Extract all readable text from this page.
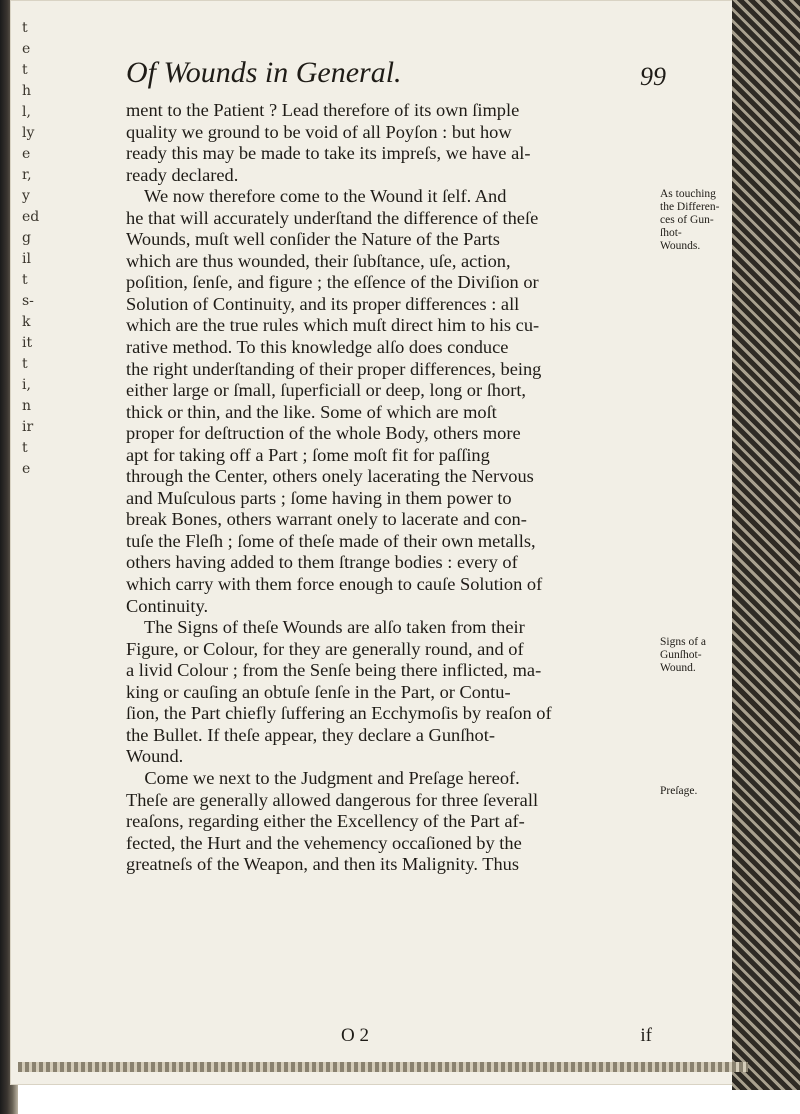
t
e
t
h
l,
ly
e
r,
y
ed
g
il
t
s-
k
it
t
i,
n
ir
t
e
Of Wounds in General.	99
ment to the Patient ? Lead therefore of its own ſimple
quality we ground to be void of all Poyſon : but how
ready this may be made to take its impreſs, we have al-
ready declared.
We now therefore come to the Wound it ſelf. And
he that will accurately underſtand the difference of theſe
Wounds, muſt well conſider the Nature of the Parts
which are thus wounded, their ſubſtance, uſe, action,
poſition, ſenſe, and figure ; the eſſence of the Diviſion or
Solution of Continuity, and its proper differences : all
which are the true rules which muſt direct him to his cu-
rative method. To this knowledge alſo does conduce
the right underſtanding of their proper differences, being
either large or ſmall, ſuperficiall or deep, long or ſhort,
thick or thin, and the like. Some of which are moſt
proper for deſtruction of the whole Body, others more
apt for taking off a Part ; ſome moſt fit for paſſing
through the Center, others onely lacerating the Nervous
and Muſculous parts ; ſome having in them power to
break Bones, others warrant onely to lacerate and con-
tuſe the Fleſh ; ſome of theſe made of their own metalls,
others having added to them ſtrange bodies : every of
which carry with them force enough to cauſe Solution of
Continuity.
The Signs of theſe Wounds are alſo taken from their
Figure, or Colour, for they are generally round, and of
a livid Colour ; from the Senſe being there inflicted, ma-
king or cauſing an obtuſe ſenſe in the Part, or Contu-
ſion, the Part chiefly ſuffering an Ecchymoſis by reaſon of
the Bullet. If theſe appear, they declare a Gunſhot-
Wound.
Come we next to the Judgment and Preſage hereof.
Theſe are generally allowed dangerous for three ſeverall
reaſons, regarding either the Excellency of the Part af-
fected, the Hurt and the vehemency occaſioned by the
greatneſs of the Weapon, and then its Malignity. Thus
As touching
the Differen-
ces of Gun-
ſhot-
Wounds.
Signs of a
Gunſhot-
Wound.
Preſage.
O 2	if
